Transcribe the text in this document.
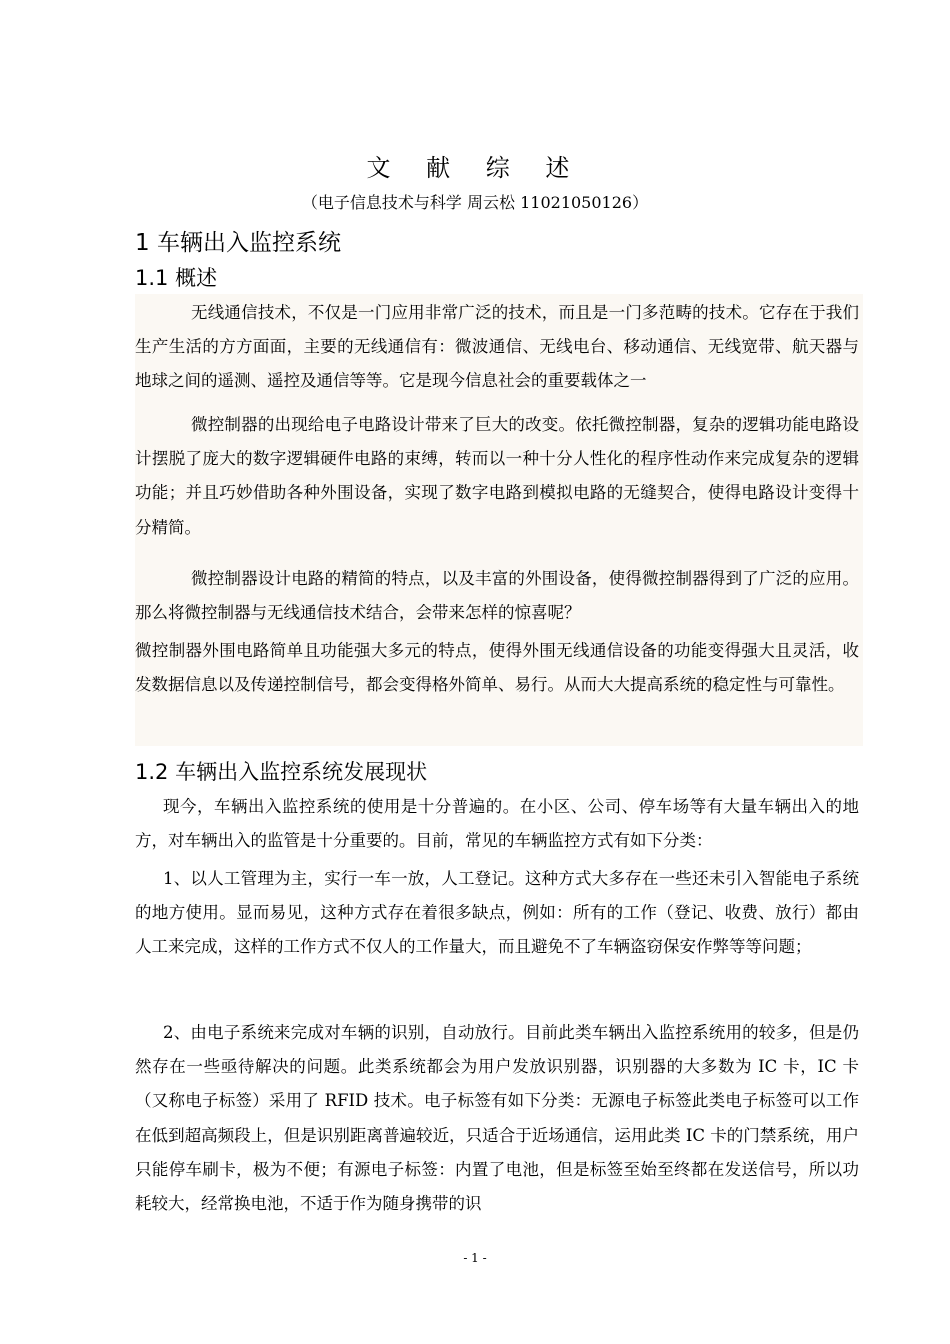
文 献 综 述
（电子信息技术与科学 周云松 11021050126）
1 车辆出入监控系统
1.1 概述

无线通信技术，不仅是一门应用非常广泛的技术，而且是一门多范畴的技术。它存在于我们生产生活的方方面面，主要的无线通信有：微波通信、无线电台、移动通信、无线宽带、航天器与地球之间的遥测、遥控及通信等等。它是现今信息社会的重要载体之一

微控制器的出现给电子电路设计带来了巨大的改变。依托微控制器，复杂的逻辑功能电路设计摆脱了庞大的数字逻辑硬件电路的束缚，转而以一种十分人性化的程序性动作来完成复杂的逻辑功能；并且巧妙借助各种外围设备，实现了数字电路到模拟电路的无缝契合，使得电路设计变得十分精简。

微控制器设计电路的精简的特点，以及丰富的外围设备，使得微控制器得到了广泛的应用。那么将微控制器与无线通信技术结合，会带来怎样的惊喜呢？

微控制器外围电路简单且功能强大多元的特点，使得外围无线通信设备的功能变得强大且灵活，收发数据信息以及传递控制信号，都会变得格外简单、易行。从而大大提高系统的稳定性与可靠性。

1.2 车辆出入监控系统发展现状

现今，车辆出入监控系统的使用是十分普遍的。在小区、公司、停车场等有大量车辆出入的地方，对车辆出入的监管是十分重要的。目前，常见的车辆监控方式有如下分类：

1、以人工管理为主，实行一车一放，人工登记。这种方式大多存在一些还未引入智能电子系统的地方使用。显而易见，这种方式存在着很多缺点，例如：所有的工作（登记、收费、放行）都由人工来完成，这样的工作方式不仅人的工作量大，而且避免不了车辆盗窃保安作弊等等问题；

2、由电子系统来完成对车辆的识别，自动放行。目前此类车辆出入监控系统用的较多，但是仍然存在一些亟待解决的问题。此类系统都会为用户发放识别器，识别器的大多数为 IC 卡，IC 卡（又称电子标签）采用了 RFID 技术。电子标签有如下分类：无源电子标签此类电子标签可以工作在低到超高频段上，但是识别距离普遍较近，只适合于近场通信，运用此类 IC 卡的门禁系统，用户只能停车刷卡，极为不便；有源电子标签：内置了电池，但是标签至始至终都在发送信号，所以功耗较大，经常换电池，不适于作为随身携带的识

- 1 -
